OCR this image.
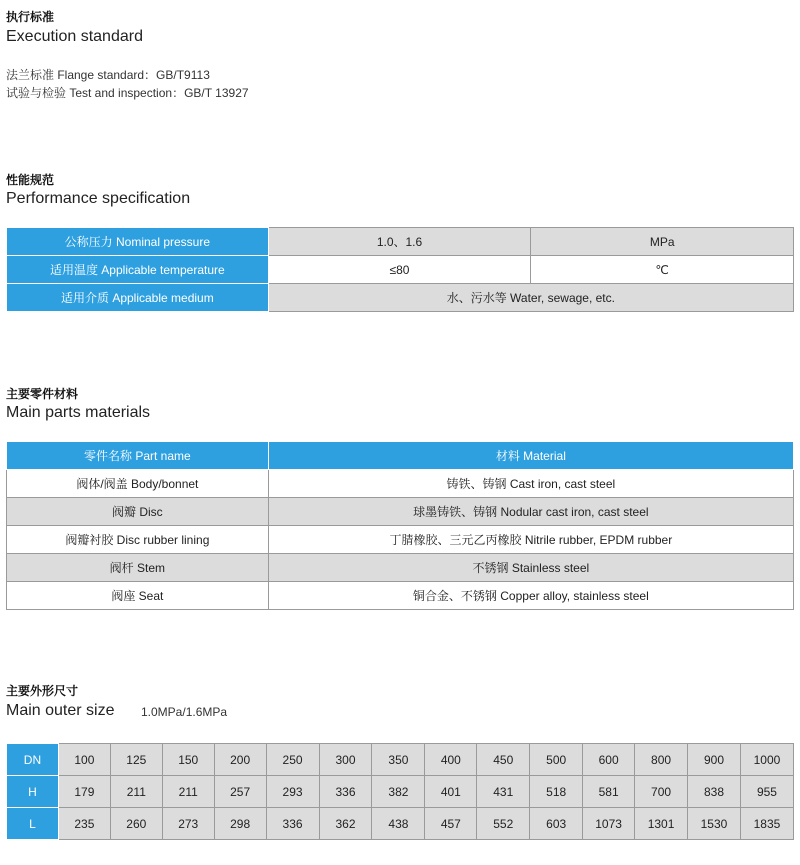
执行标准
Execution standard
法兰标准 Flange standard：GB/T9113
试验与检验 Test and inspection：GB/T 13927
性能规范
Performance specification
公称压力 Nominal pressure	1.0、1.6	MPa
适用温度 Applicable temperature	≤80	℃
适用介质 Applicable medium	水、污水等 Water, sewage, etc.	
主要零件材料
Main parts materials
零件名称 Part name	材料 Material
阀体/阀盖 Body/bonnet	铸铁、铸钢 Cast iron, cast steel
阀瓣 Disc	球墨铸铁、铸钢 Nodular cast iron, cast steel
阀瓣衬胶 Disc rubber lining	丁腈橡胶、三元乙丙橡胶 Nitrile rubber, EPDM rubber
阀杆 Stem	不锈钢 Stainless steel
阀座 Seat	铜合金、不锈钢 Copper alloy, stainless steel
主要外形尺寸
Main outer size 1.0MPa/1.6MPa
DN	100	125	150	200	250	300	350	400	450	500	600	800	900	1000
H	179	211	211	257	293	336	382	401	431	518	581	700	838	955
L	235	260	273	298	336	362	438	457	552	603	1073	1301	1530	1835
